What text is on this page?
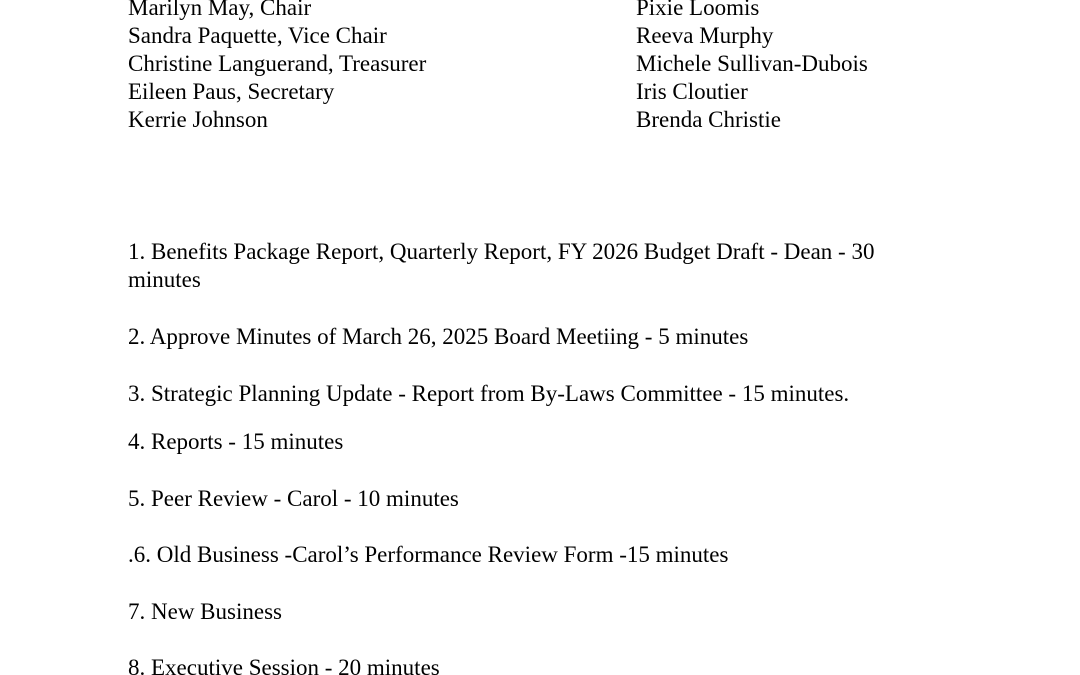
Marilyn May, Chair
Sandra Paquette, Vice Chair
Christine Languerand, Treasurer
Eileen Paus, Secretary
Kerrie Johnson
Pixie Loomis
Reeva Murphy
Michele Sullivan-Dubois
Iris Cloutier
Brenda Christie
1. Benefits Package Report, Quarterly Report, FY 2026 Budget Draft - Dean - 30 minutes
2. Approve Minutes of March 26, 2025 Board Meetiing - 5 minutes
3. Strategic Planning Update - Report from By-Laws Committee - 15 minutes.
4. Reports - 15 minutes
5. Peer Review - Carol - 10 minutes
.6. Old Business -Carol’s Performance Review Form -15 minutes
7. New Business
8. Executive Session - 20 minutes
